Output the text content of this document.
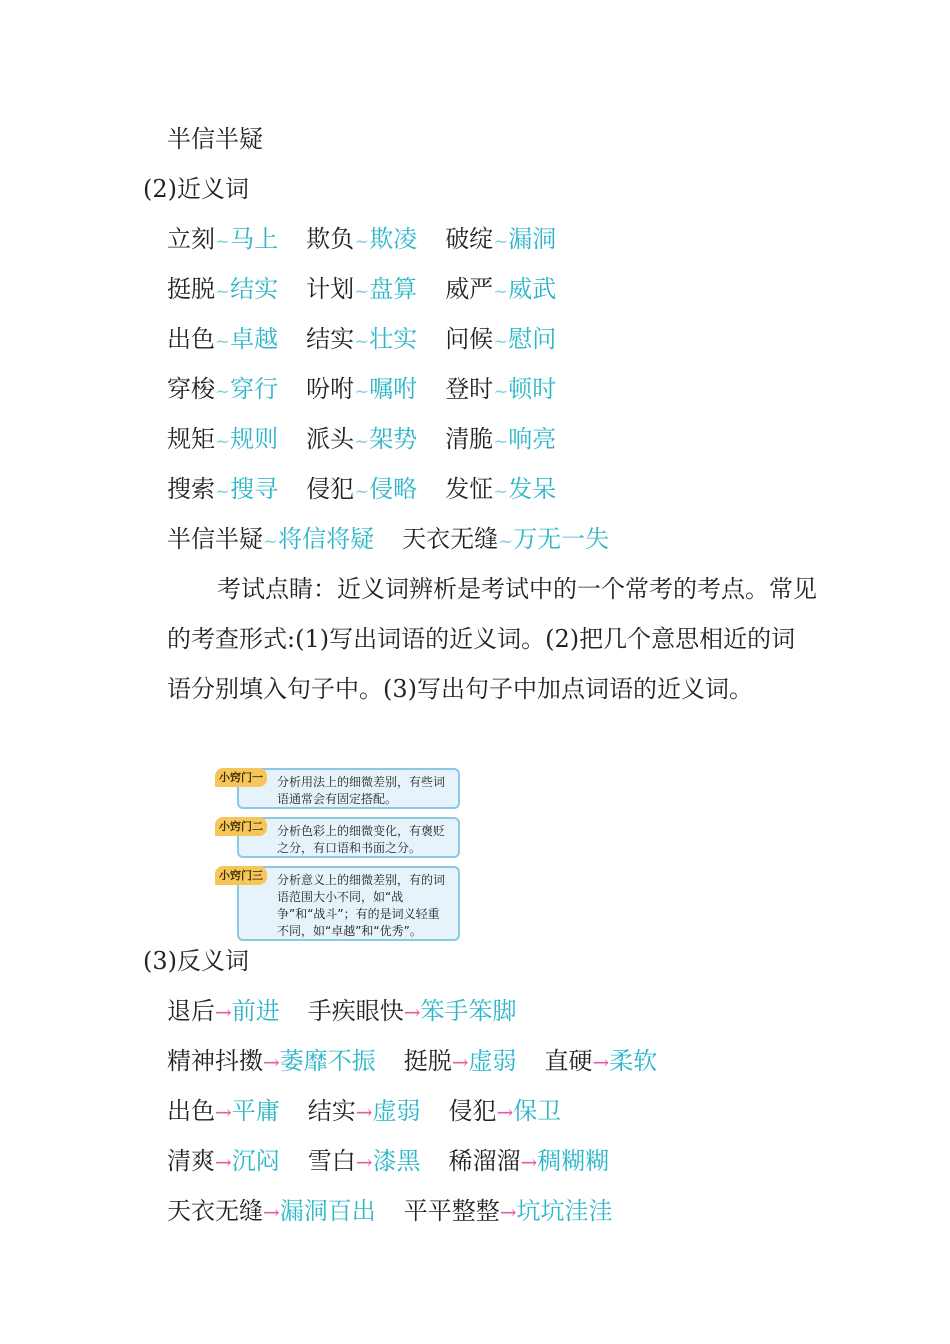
半信半疑
(2)近义词
立刻~马上 欺负~欺凌 破绽~漏洞
挺脱~结实 计划~盘算 威严~威武
出色~卓越 结实~壮实 问候~慰问
穿梭~穿行 吩咐~嘱咐 登时~顿时
规矩~规则 派头~架势 清脆~响亮
搜索~搜寻 侵犯~侵略 发怔~发呆
半信半疑~将信将疑 天衣无缝~万无一失
考试点睛：近义词辨析是考试中的一个常考的考点。常见的考查形式:(1)写出词语的近义词。(2)把几个意思相近的词语分别填入句子中。(3)写出句子中加点词语的近义词。
小窍门一	分析用法上的细微差别，有些词语通常会有固定搭配。
小窍门二	分析色彩上的细微变化，有褒贬之分，有口语和书面之分。
小窍门三	分析意义上的细微差别，有的词语范围大小不同，如“战争”和“战斗”；有的是词义轻重不同，如“卓越”和“优秀”。
(3)反义词
退后→前进 手疾眼快→笨手笨脚
精神抖擞→萎靡不振 挺脱→虚弱 直硬→柔软
出色→平庸 结实→虚弱 侵犯→保卫
清爽→沉闷 雪白→漆黑 稀溜溜→稠糊糊
天衣无缝→漏洞百出 平平整整→坑坑洼洼
